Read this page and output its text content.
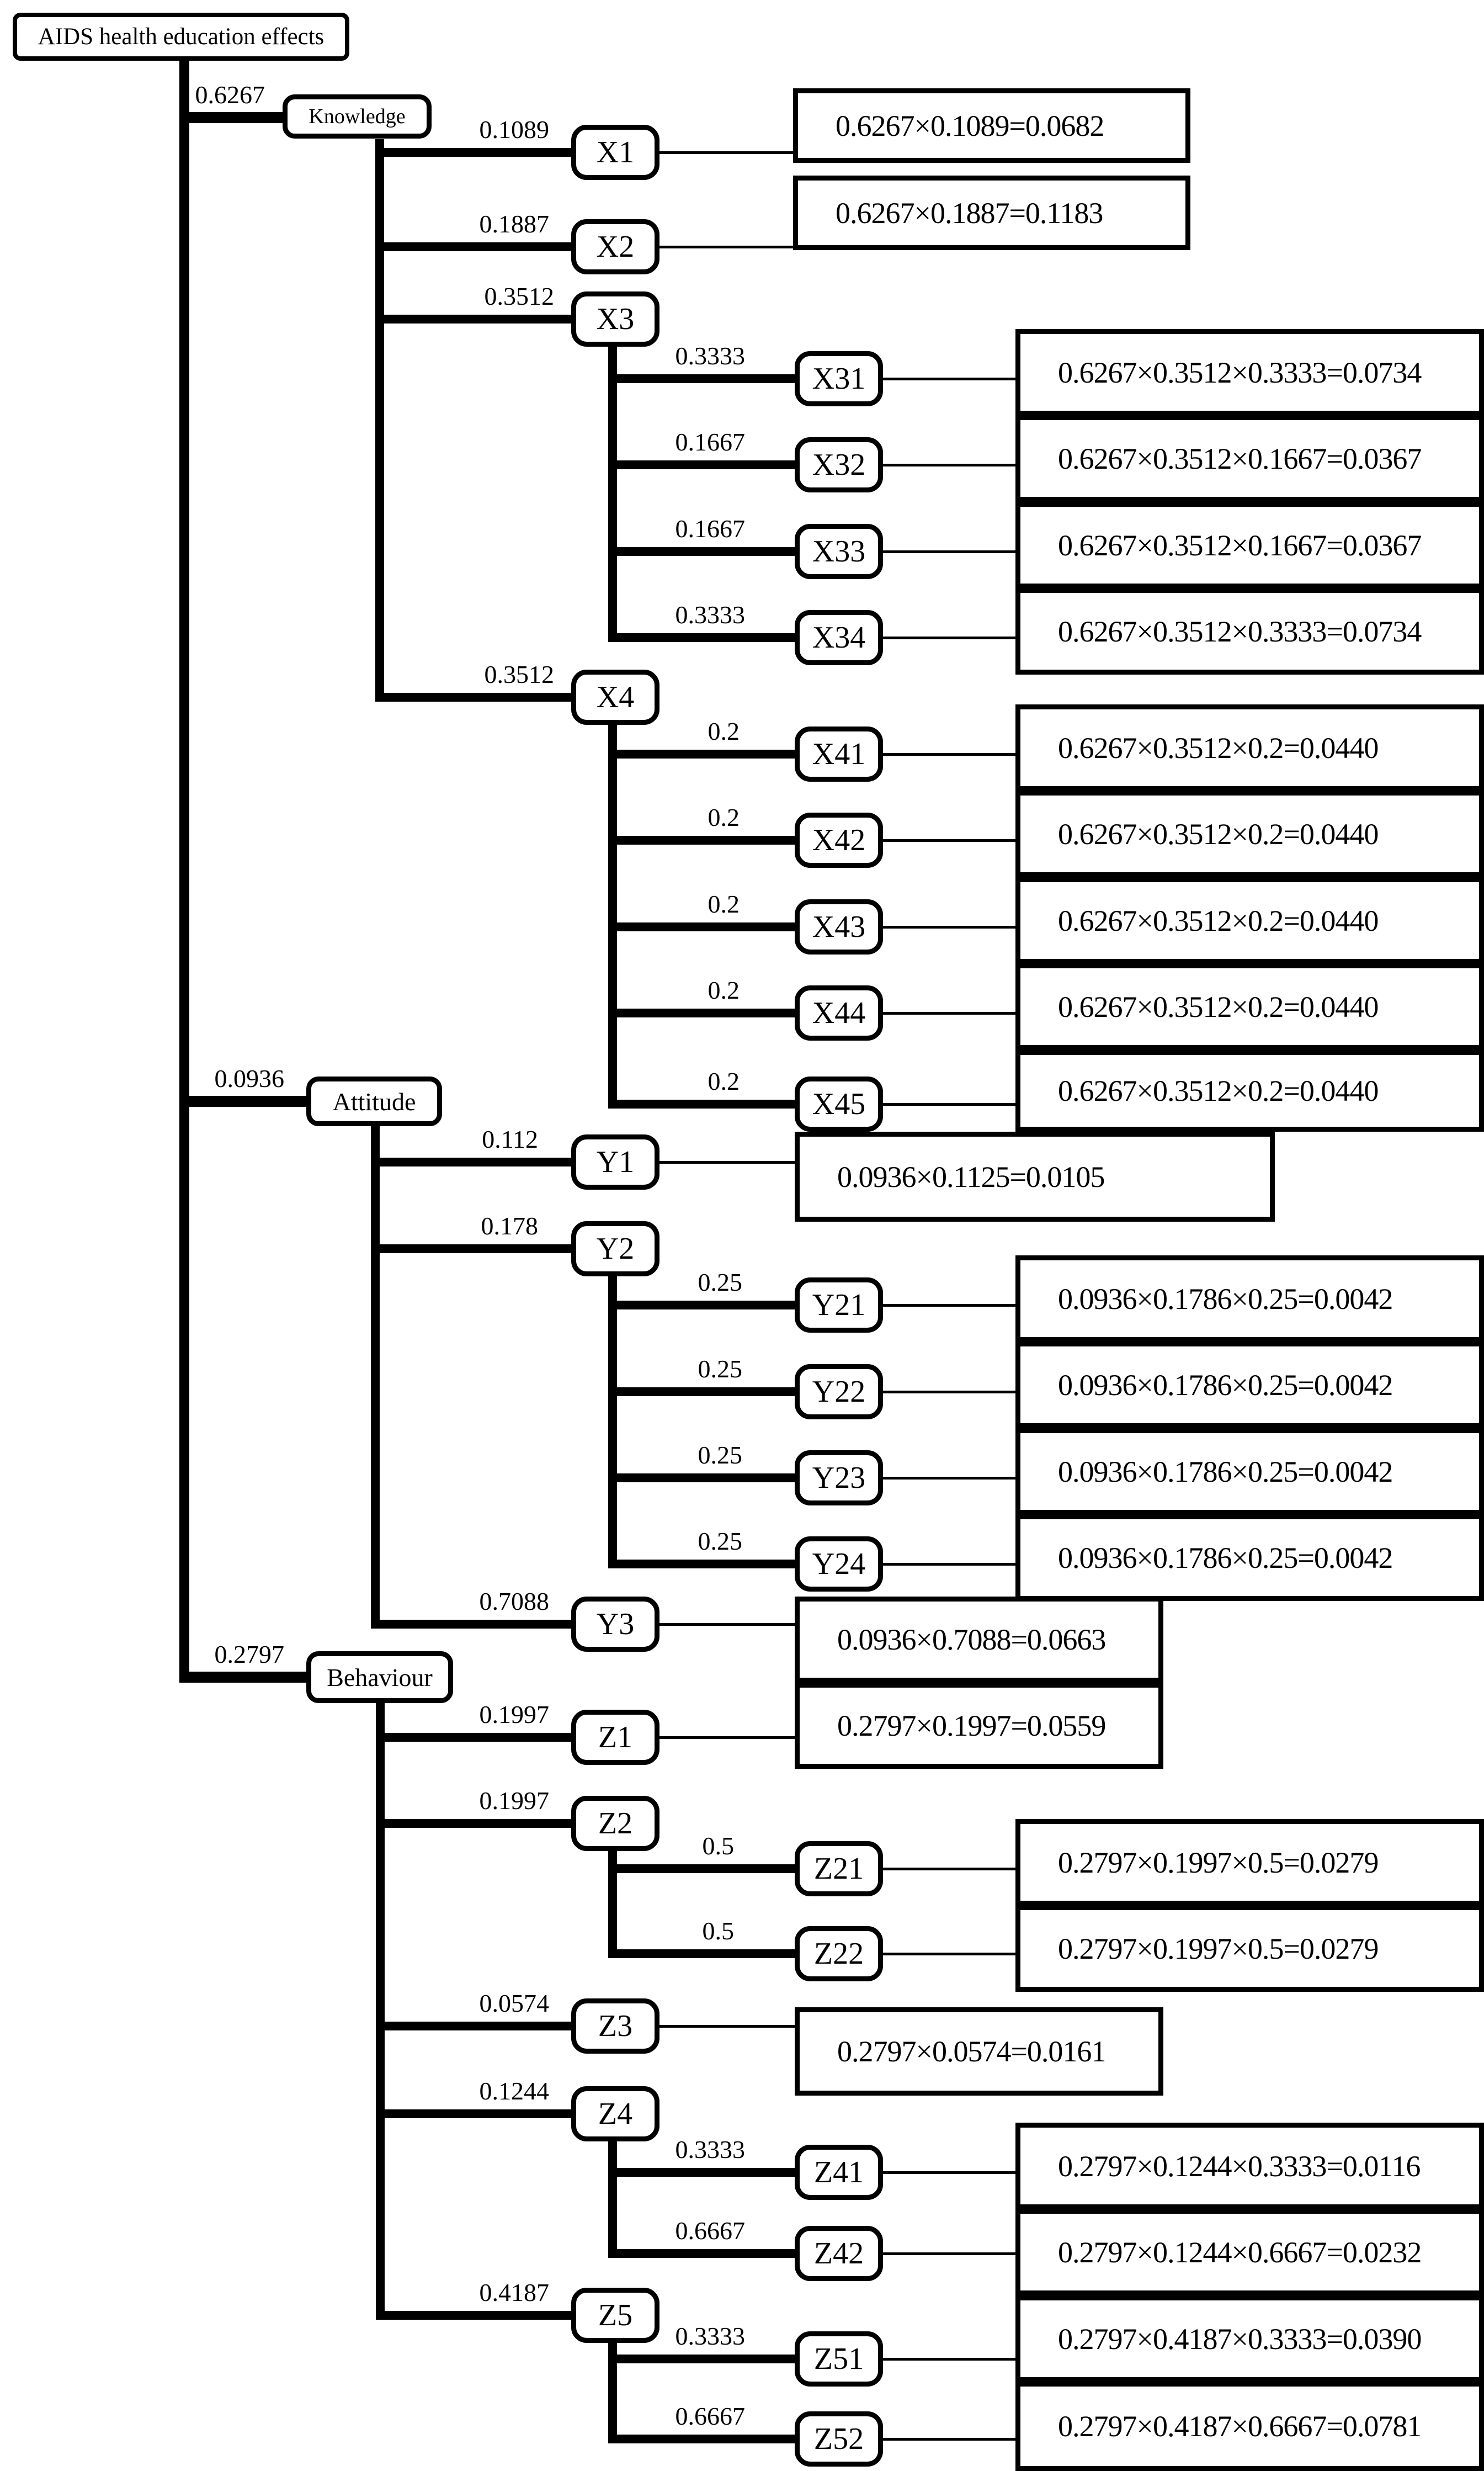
AIDS health education effects
0.6267
0.1089	0.6267×0.1089=0.0682
X1
0.1887	0.6267×0.1887=0.1183
X2
0.3512
0.3333	0.6267×0.3512×0.3333=0.0734
X31
0.1667	0.6267×0.3512×0.1667=0.0367
X32
0.1667	0.6267×0.3512×0.1667=0.0367
X33
0.3333	0.6267×0.3512×0.3333=0.0734
X34
X3
0.3512
0.2	0.6267×0.3512×0.2=0.0440
X41
0.2	0.6267×0.3512×0.2=0.0440
X42
0.2	0.6267×0.3512×0.2=0.0440
X43
0.2	0.6267×0.3512×0.2=0.0440
X44
0.2	0.6267×0.3512×0.2=0.0440
X45
X4
Knowledge
0.0936
0.112
0.0936×0.1125=0.0105
Y1
0.178
0.25	0.0936×0.1786×0.25=0.0042
Y21
0.25	0.0936×0.1786×0.25=0.0042
Y22
0.25	0.0936×0.1786×0.25=0.0042
Y23
0.25	0.0936×0.1786×0.25=0.0042
Y24
Y2
0.7088
0.0936×0.7088=0.0663
Y3
Attitude
0.2797
0.1997	0.2797×0.1997=0.0559
Z1
0.1997
0.5	0.2797×0.1997×0.5=0.0279
Z21
0.5
0.2797×0.1997×0.5=0.0279
Z22
Z2
0.0574
0.2797×0.0574=0.0161
Z3
0.1244
0.3333	0.2797×0.1244×0.3333=0.0116
Z41
0.6667
0.2797×0.1244×0.6667=0.0232
Z42
Z4
0.4187
0.3333	0.2797×0.4187×0.3333=0.0390
Z51
0.6667	0.2797×0.4187×0.6667=0.0781
Z52
Z5
Behaviour
